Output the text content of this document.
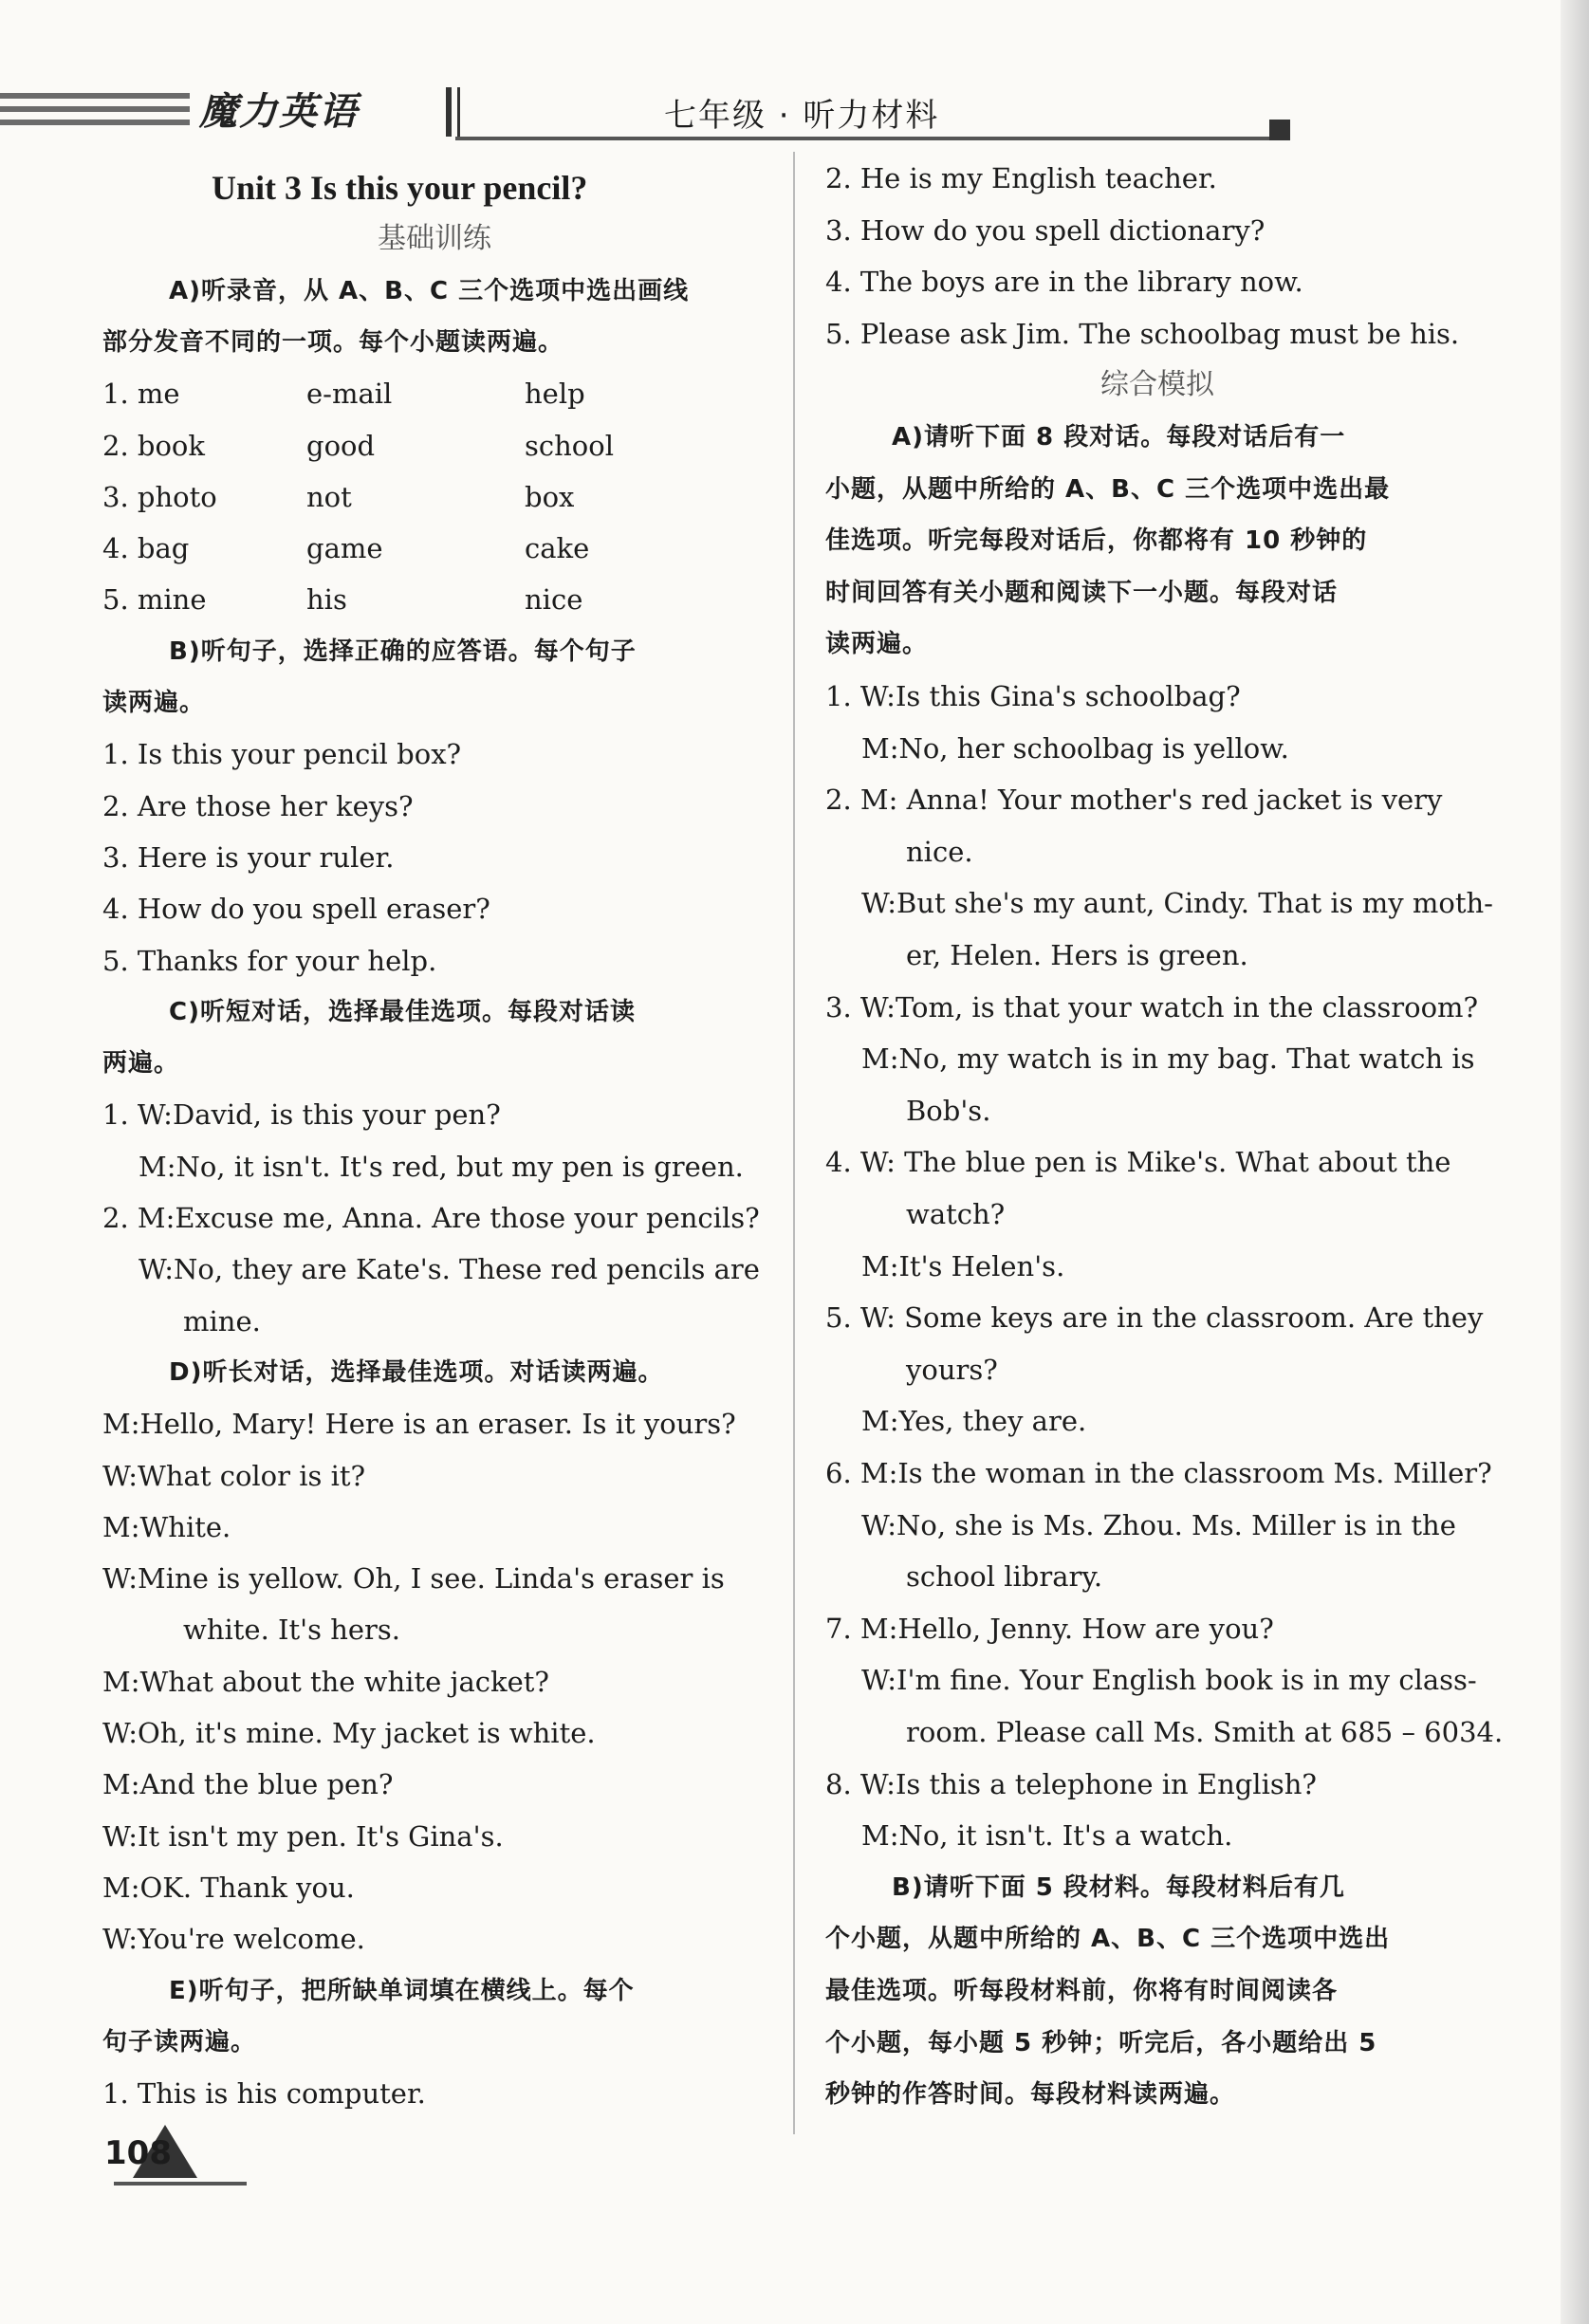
魔力英语	七年级 · 听力材料
Unit 3 Is this your pencil?
基础训练
A)听录音，从 A、B、C 三个选项中选出画线
部分发音不同的一项。每个小题读两遍。
1. me	e-mail	help
2. book	good	school
3. photo	not	box
4. bag	game	cake
5. mine	his	nice
B)听句子，选择正确的应答语。每个句子
读两遍。
1. Is this your pencil box?
2. Are those her keys?
3. Here is your ruler.
4. How do you spell eraser?
5. Thanks for your help.
C)听短对话，选择最佳选项。每段对话读
两遍。
1. W:David, is this your pen?
M:No, it isn't. It's red, but my pen is green.
2. M:Excuse me, Anna. Are those your pencils?
W:No, they are Kate's. These red pencils are
mine.
D)听长对话，选择最佳选项。对话读两遍。
M:Hello, Mary! Here is an eraser. Is it yours?
W:What color is it?
M:White.
W:Mine is yellow. Oh, I see. Linda's eraser is
white. It's hers.
M:What about the white jacket?
W:Oh, it's mine. My jacket is white.
M:And the blue pen?
W:It isn't my pen. It's Gina's.
M:OK. Thank you.
W:You're welcome.
E)听句子，把所缺单词填在横线上。每个
句子读两遍。
1. This is his computer.
2. He is my English teacher.
3. How do you spell dictionary?
4. The boys are in the library now.
5. Please ask Jim. The schoolbag must be his.
综合模拟
A)请听下面 8 段对话。每段对话后有一
小题，从题中所给的 A、B、C 三个选项中选出最
佳选项。听完每段对话后，你都将有 10 秒钟的
时间回答有关小题和阅读下一小题。每段对话
读两遍。
1. W:Is this Gina's schoolbag?
M:No, her schoolbag is yellow.
2. M: Anna! Your mother's red jacket is very
nice.
W:But she's my aunt, Cindy. That is my moth-
er, Helen. Hers is green.
3. W:Tom, is that your watch in the classroom?
M:No, my watch is in my bag. That watch is
Bob's.
4. W: The blue pen is Mike's. What about the
watch?
M:It's Helen's.
5. W: Some keys are in the classroom. Are they
yours?
M:Yes, they are.
6. M:Is the woman in the classroom Ms. Miller?
W:No, she is Ms. Zhou. Ms. Miller is in the
school library.
7. M:Hello, Jenny. How are you?
W:I'm fine. Your English book is in my class-
room. Please call Ms. Smith at 685 – 6034.
8. W:Is this a telephone in English?
M:No, it isn't. It's a watch.
B)请听下面 5 段材料。每段材料后有几
个小题，从题中所给的 A、B、C 三个选项中选出
最佳选项。听每段材料前，你将有时间阅读各
个小题，每小题 5 秒钟；听完后，各小题给出 5
秒钟的作答时间。每段材料读两遍。
108
